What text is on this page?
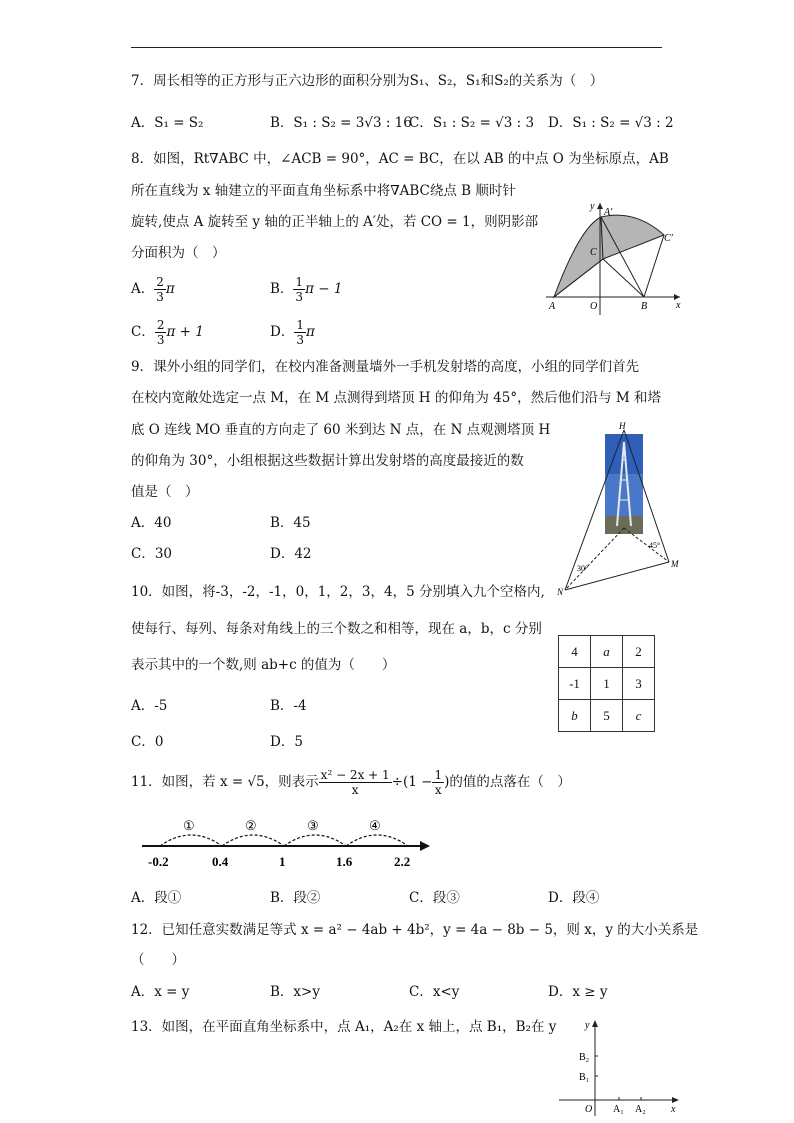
7．周长相等的正方形与正六边形的面积分别为S₁、S₂，S₁和S₂的关系为（　）
A．S₁ = S₂	B．S₁ : S₂ = 3√3 : 16
C．S₁ : S₂ = √3 : 3 D．S₁ : S₂ = √3 : 2
8．如图，Rt∇ABC 中，∠ACB = 90°，AC = BC，在以 AB 的中点 O 为坐标原点，AB
所在直线为 x 轴建立的平面直角坐标系中将∇ABC绕点 B 顺时针
旋转,使点 A 旋转至 y 轴的正半轴上的 A′处，若 CO = 1，则阴影部
分面积为（　）
A． $\frac{2}{3}$ π	B． $\frac{1}{3}$ π − 1
C． $\frac{2}{3}$ π + 1	D． $\frac{1}{3}$ π
y
A′
C
C′
A	O	B	x
9．课外小组的同学们，在校内准备测量墙外一手机发射塔的高度，小组的同学们首先
在校内宽敞处选定一点 M，在 M 点测得到塔顶 H 的仰角为 45°，然后他们沿与 M 和塔
底 O 连线 MO 垂直的方向走了 60 米到达 N 点，在 N 点观测塔顶 H
的仰角为 30°，小组根据这些数据计算出发射塔的高度最接近的数
值是（　）
A．40	B．45
C．30	D．42
H
45°
M
30°
N
10．如图，将-3，-2，-1，0，1，2，3，4，5 分别填入九个空格内,
使每行、每列、每条对角线上的三个数之和相等，现在 a，b，c 分别
表示其中的一个数,则 ab+c 的值为（　　）
A．-5	B．-4
C．0	D．5
4	a	2
-1	1	3
b	5	c
11．如图，若 x = √5，则表示 $\frac{\text{x² − 2x + 1}}{x} \div(1 - \frac{1}{x}$ )的值的点落在（　）
①	②	③	④
-0.2	0.4	1	1.6	2.2
A．段①	B．段②	C．段③	D．段④
12．已知任意实数满足等式 x = a² − 4ab + 4b²，y = 4a − 8b − 5，则 x，y 的大小关系是
（　　）
A．x = y	B．x>y	C．x<y	D．x ≥ y
13．如图，在平面直角坐标系中，点 A₁，A₂在 x 轴上，点 B₁，B₂在 y	y
B₂
B₁
O A₁ A₂	x
